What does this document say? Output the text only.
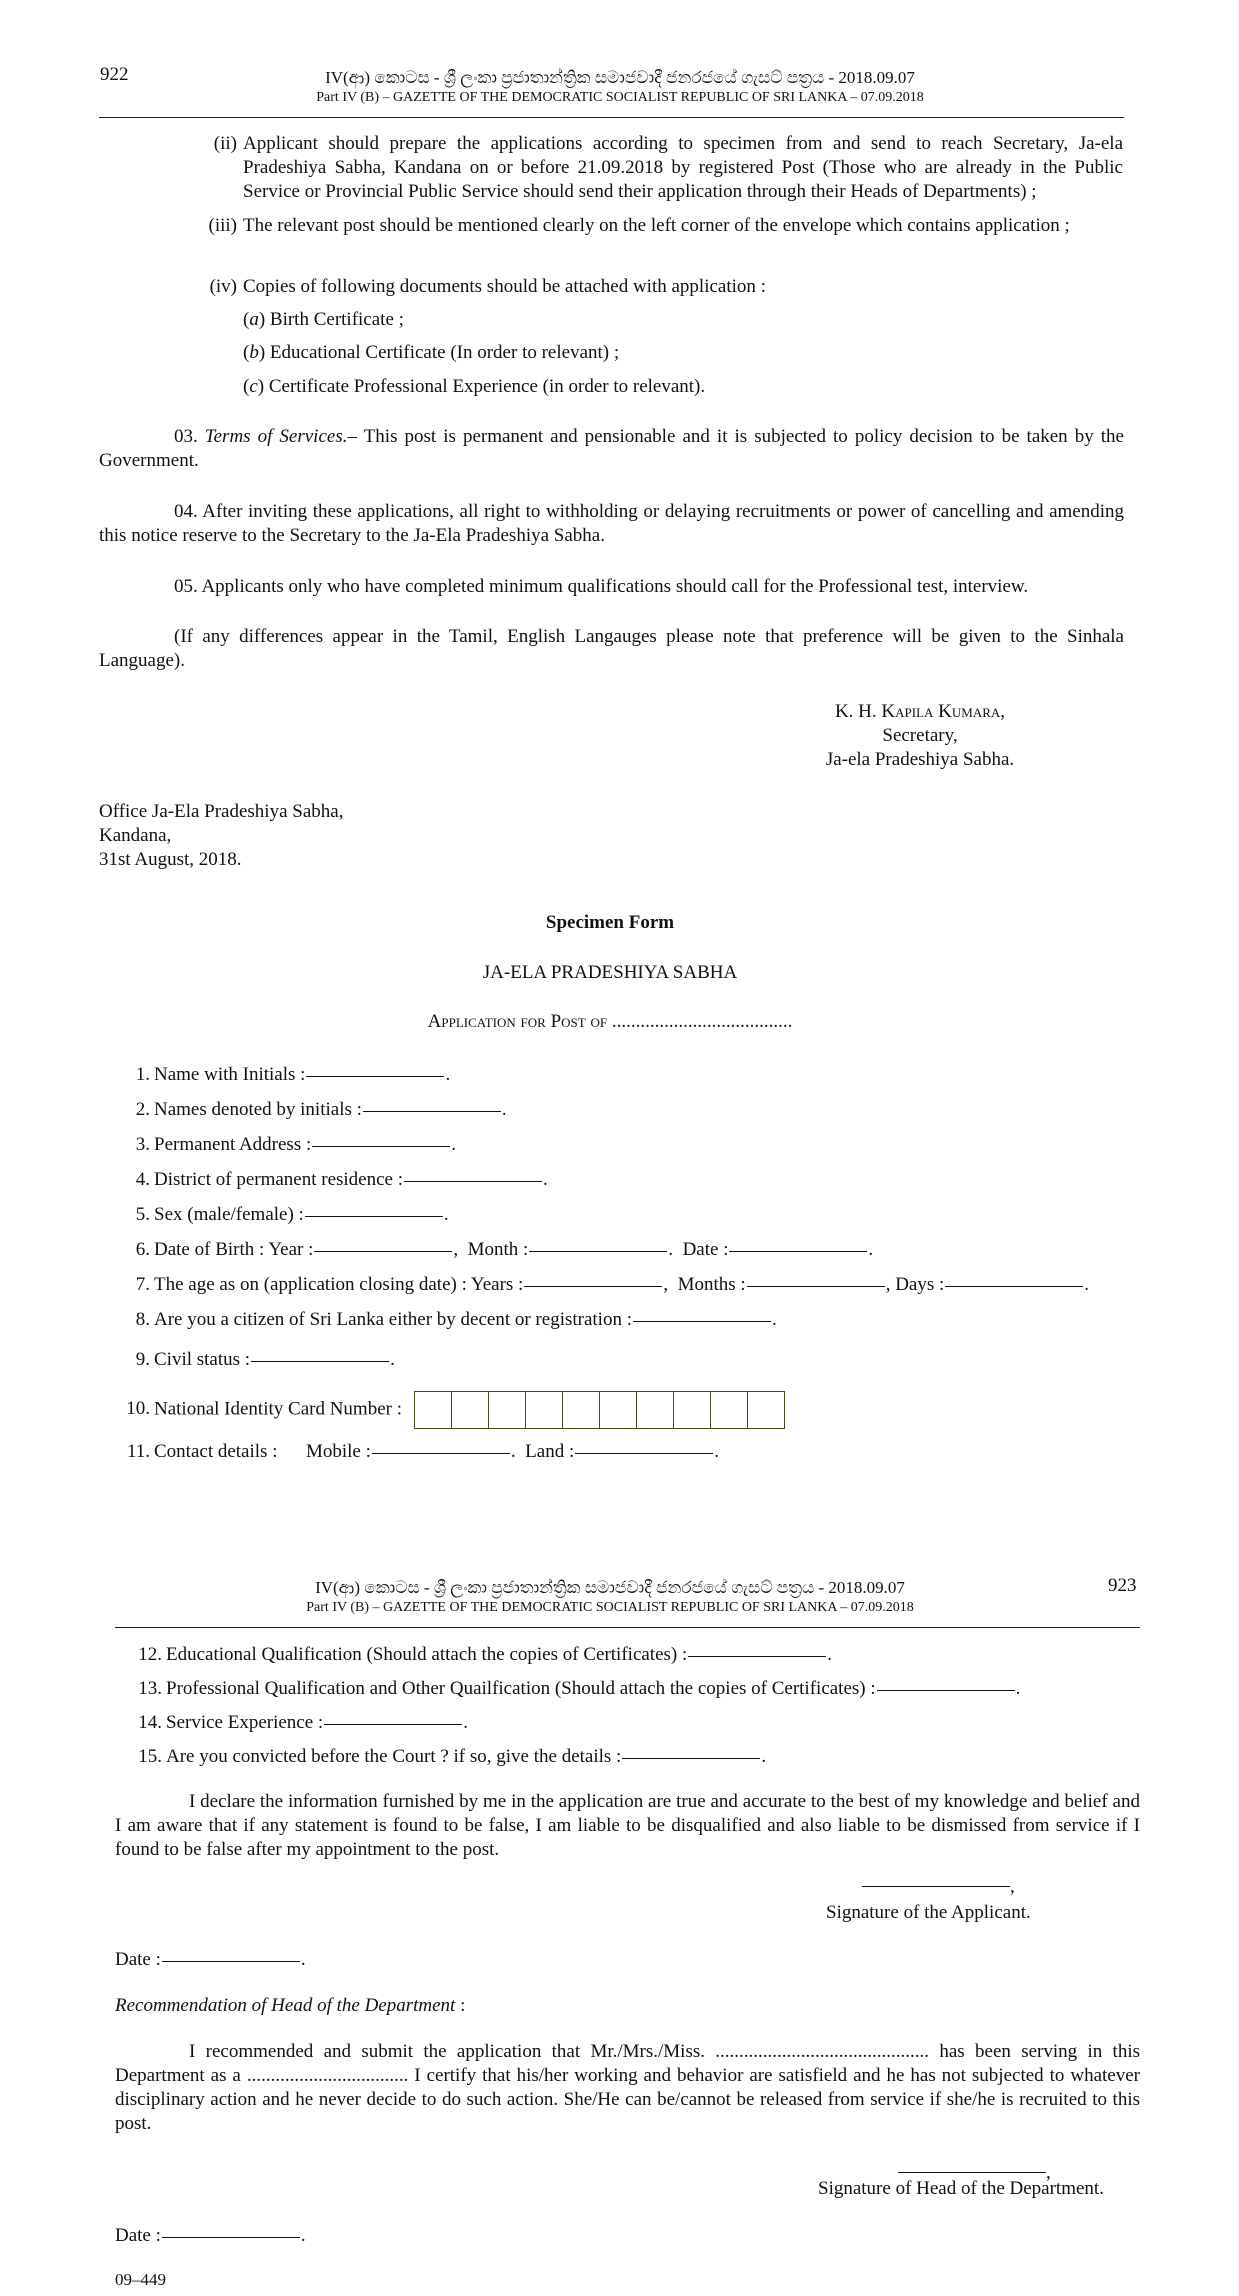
922	IV(ආ) කොටස - ශ්‍රී ලංකා ප්‍රජාතාන්ත්‍රික සමාජවාදී ජනරජයේ ගැසට් පත්‍රය - 2018.09.07
Part IV (B) – GAZETTE OF THE DEMOCRATIC SOCIALIST REPUBLIC OF SRI LANKA – 07.09.2018
(ii) Applicant should prepare the applications according to specimen from and send to reach Secretary, Ja-ela Pradeshiya Sabha, Kandana on or before 21.09.2018 by registered Post (Those who are already in the Public Service or Provincial Public Service should send their application through their Heads of Departments) ;
(iii) The relevant post should be mentioned clearly on the left corner of the envelope which contains application ;
(iv) Copies of following documents should be attached with application :
(a) Birth Certificate ;
(b) Educational Certificate (In order to relevant) ;
(c) Certificate Professional Experience (in order to relevant).
03. Terms of Services.– This post is permanent and pensionable and it is subjected to policy decision to be taken by the Government.
04. After inviting these applications, all right to withholding or delaying recruitments or power of cancelling and amending this notice reserve to the Secretary to the Ja-Ela Pradeshiya Sabha.
05. Applicants only who have completed minimum qualifications should call for the Professional test, interview.
(If any differences appear in the Tamil, English Langauges please note that preference will be given to the Sinhala Language).
K. H. Kapila Kumara,
Secretary,
Ja-ela Pradeshiya Sabha.
Office Ja-Ela Pradeshiya Sabha,
Kandana,
31st August, 2018.
Specimen Form
JA-ELA PRADESHIYA SABHA
Application for Post of ......................................
1. Name with Initials :	.
2. Names denoted by initials :	.
3. Permanent Address :	.
4. District of permanent residence :	.
5. Sex (male/female) :	.
6. Date of Birth : Year :	,  Month :	.  Date :	.
7. The age as on (application closing date) : Years :	,  Months :	, Days :	.
8. Are you a citizen of Sri Lanka either by decent or registration :	.
9. Civil status :	.
10. National Identity Card Number :
11. Contact details : Mobile :	.  Land :	.
IV(ආ) කොටස - ශ්‍රී ලංකා ප්‍රජාතාන්ත්‍රික සමාජවාදී ජනරජයේ ගැසට් පත්‍රය - 2018.09.07
Part IV (B) – GAZETTE OF THE DEMOCRATIC SOCIALIST REPUBLIC OF SRI LANKA – 07.09.2018
923
12. Educational Qualification (Should attach the copies of Certificates) :	.
13. Professional Qualification and Other Quailfication (Should attach the copies of Certificates) :	.
14. Service Experience :	.
15. Are you convicted before the Court ? if so, give the details :	.
I declare the information furnished by me in the application are true and accurate to the best of my knowledge and belief and I am aware that if any statement is found to be false, I am liable to be disqualified and also liable to be dismissed from service if I found to be false after my appointment to the post.
,
Signature of the Applicant.
Date :	.
Recommendation of Head of the Department :
I recommended and submit the application that Mr./Mrs./Miss. ............................................. has been serving in this Department as a .................................. I certify that his/her working and behavior are satisfield and he has not subjected to whatever disciplinary action and he never decide to do such action. She/He can be/cannot be released from service if she/he is recruited to this post.
,
Signature of Head of the Department.
Date :	.
09–449
